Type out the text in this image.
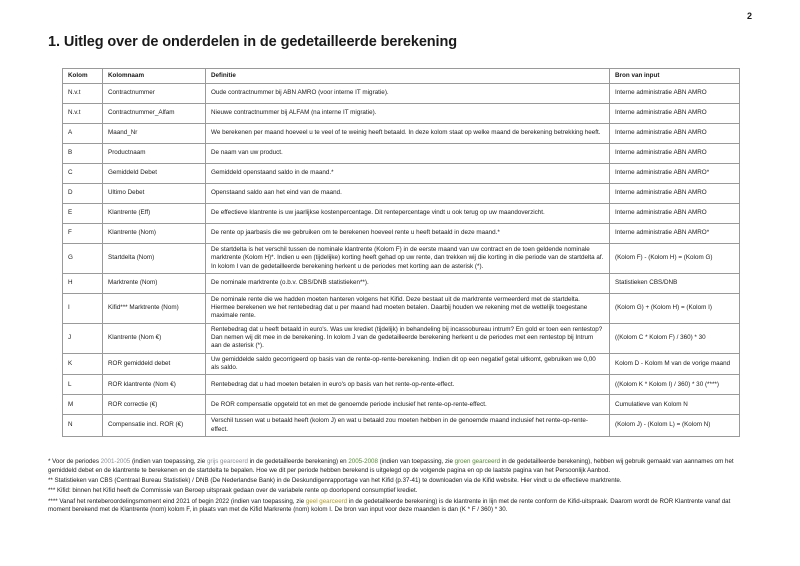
2
1. Uitleg over de onderdelen in de gedetailleerde berekening
Kolom	Kolomnaam	Definitie	Bron van input
N.v.t	Contractnummer	Oude contractnummer bij ABN AMRO (voor interne IT migratie).	Interne administratie ABN AMRO
N.v.t	Contractnummer_Alfam	Nieuwe contractnummer bij ALFAM (na interne IT migratie).	Interne administratie ABN AMRO
A	Maand_Nr	We berekenen per maand hoeveel u te veel of te weinig heeft betaald. In deze kolom staat op welke maand de berekening betrekking heeft.	Interne administratie ABN AMRO
B	Productnaam	De naam van uw product.	Interne administratie ABN AMRO
C	Gemiddeld Debet	Gemiddeld openstaand saldo in de maand.*	Interne administratie ABN AMRO*
D	Ultimo Debet	Openstaand saldo aan het eind van de maand.	Interne administratie ABN AMRO
E	Klantrente (Eff)	De effectieve klantrente is uw jaarlijkse kostenpercentage. Dit rentepercentage vindt u ook terug op uw maandoverzicht.	Interne administratie ABN AMRO
F	Klantrente (Nom)	De rente op jaarbasis die we gebruiken om te berekenen hoeveel rente u heeft betaald in deze maand.*	Interne administratie ABN AMRO*
G	Startdelta (Nom)	De startdelta is het verschil tussen de nominale klantrente (Kolom F) in de eerste maand van uw contract en de toen geldende nominale marktrente (Kolom H)*. Indien u een (tijdelijke) korting heeft gehad op uw rente, dan trekken wij die korting in die periode van de startdelta af. In kolom I van de gedetailleerde berekening herkent u de periodes met korting aan de asterisk (*).	(Kolom F) - (Kolom H) = (Kolom G)
H	Marktrente (Nom)	De nominale marktrente (o.b.v. CBS/DNB statistieken**).	Statistieken CBS/DNB
I	Kifid*** Marktrente (Nom)	De nominale rente die we hadden moeten hanteren volgens het Kifid. Deze bestaat uit de marktrente vermeerderd met de startdelta. Hiermee berekenen we het rentebedrag dat u per maand had moeten betalen. Daarbij houden we rekening met de wettelijk toegestane maximale rente.	(Kolom G) + (Kolom H) = (Kolom I)
J	Klantrente (Nom €)	Rentebedrag dat u heeft betaald in euro's. Was uw krediet (tijdelijk) in behandeling bij incassobureau intrum? En gold er toen een rentestop? Dan nemen wij dit mee in de berekening. In kolom J van de gedetailleerde berekening herkent u de periodes met een rentestop bij Intrum aan de asterisk (*).	((Kolom C * Kolom F) / 360) * 30
K	ROR gemiddeld debet	Uw gemiddelde saldo gecorrigeerd op basis van de rente-op-rente-berekening. Indien dit op een negatief getal uitkomt, gebruiken we 0,00 als saldo.	Kolom D - Kolom M van de vorige maand
L	ROR klantrente (Nom €)	Rentebedrag dat u had moeten betalen in euro's op basis van het rente-op-rente-effect.	((Kolom K * Kolom I) / 360) * 30 (****)
M	ROR correctie (€)	De ROR compensatie opgeteld tot en met de genoemde periode inclusief het rente-op-rente-effect.	Cumulatieve van Kolom N
N	Compensatie incl. ROR (€)	Verschil tussen wat u betaald heeft (kolom J) en wat u betaald zou moeten hebben in de genoemde maand inclusief het rente-op-rente-effect.	(Kolom J) - (Kolom L) = (Kolom N)

* Voor de periodes 2001-2005 (indien van toepassing, zie grijs gearceerd in de gedetailleerde berekening) en 2005-2008 (indien van toepassing, zie groen gearceerd in de gedetailleerde berekening), hebben wij gebruik gemaakt van aannames om het gemiddeld debet en de klantrente te berekenen en de startdelta te bepalen. Hoe we dit per periode hebben berekend is uitgelegd op de volgende pagina en op de laatste pagina van het Persoonlijk Aanbod.

** Statistieken van CBS (Centraal Bureau Statistiek) / DNB (De Nederlandse Bank) in de Deskundigenrapportage van het Kifid (p.37-41) te downloaden via de Kifid website. Hier vindt u de effectieve marktrente.

*** Kifid: binnen het Kifid heeft de Commissie van Beroep uitspraak gedaan over de variabele rente op doorlopend consumptief krediet.

**** Vanaf het renteberoordelingsmoment eind 2021 of begin 2022 (indien van toepassing, zie geel gearceerd in de gedetailleerde berekening) is de klantrente in lijn met de rente conform de Kifid-uitspraak. Daarom wordt de ROR Klantrente vanaf dat moment berekend met de Klantrente (nom) kolom F, in plaats van met de Kifid Markrente (nom) kolom I. De bron van input voor deze maanden is dan (K * F / 360) * 30.
